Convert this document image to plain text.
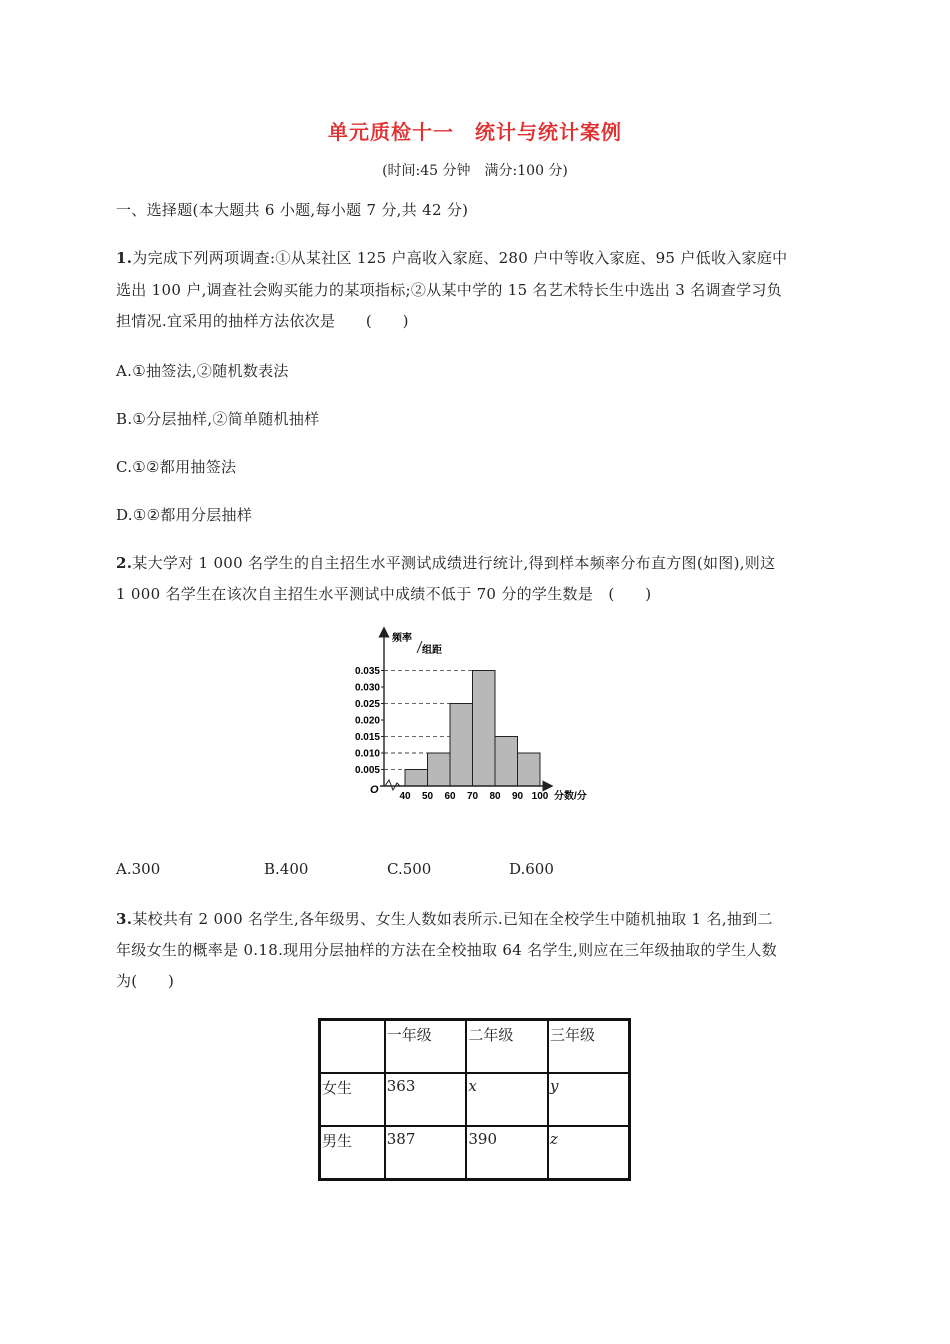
单元质检十一　统计与统计案例
(时间:45 分钟　满分:100 分)
一、选择题(本大题共 6 小题,每小题 7 分,共 42 分)
1.为完成下列两项调查:①从某社区 125 户高收入家庭、280 户中等收入家庭、95 户低收入家庭中
选出 100 户,调查社会购买能力的某项指标;②从某中学的 15 名艺术特长生中选出 3 名调查学习负
担情况.宜采用的抽样方法依次是　　(　　)
A.①抽签法,②随机数表法
B.①分层抽样,②简单随机抽样
C.①②都用抽签法
D.①②都用分层抽样
2.某大学对 1 000 名学生的自主招生水平测试成绩进行统计,得到样本频率分布直方图(如图),则这
1 000 名学生在该次自主招生水平测试中成绩不低于 70 分的学生数是　(　　)
0.005
0.010
0.015
0.020
0.025
0.030
0.035
40 50 60 70 80 90 100
频率
组距
分数/分
O
A.300	B.400	C.500	D.600
3.某校共有 2 000 名学生,各年级男、女生人数如表所示.已知在全校学生中随机抽取 1 名,抽到二
年级女生的概率是 0.18.现用分层抽样的方法在全校抽取 64 名学生,则应在三年级抽取的学生人数
为(　　)
	一年级	二年级	三年级
女生	363	x	y
男生	387	390	z
